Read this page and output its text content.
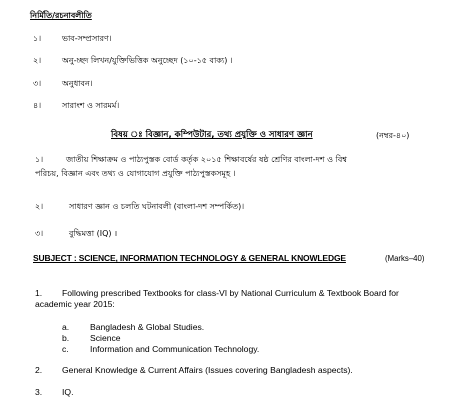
নির্মিতি/রচনাবলীতি
১।	ভাব-সম্প্রসারণ।
২।	অনু-চ্ছদ লিখন/যুক্তিভিত্তিক অনুচ্ছেদ (১০-১৫ বাক্য) ।
৩।	অনুধাবন।
৪।	সারাংশ ও সারমর্ম।
বিষয় ঃ বিজ্ঞান, কম্পিউটার, তথ্য প্রযুক্তি ও সাধারণ জ্ঞান	(নম্বর-৪০)
১।	জাতীয় শিক্ষাক্রম ও পাঠ্যপুস্তক বোর্ড কর্তৃক ২০১৫ শিক্ষাবর্ষের ষষ্ঠ শ্রেণির বাংলা-দশ ও বিশ্ব
পরিচয়, বিজ্ঞান এবং তথ্য ও যোগাযোগ প্রযুক্তি পাঠ্যপুস্তকসমূহ ।
২।	সাধারণ জ্ঞান ও চলতি ঘটনাবলী (বাংলা-দশ সম্পর্কিত)।
৩।	বুদ্ধিমত্তা (IQ) ।
SUBJECT : SCIENCE, INFORMATION TECHNOLOGY & GENERAL KNOWLEDGE	(Marks–40)
1. Following prescribed Textbooks for class-VI by National Curriculum & Textbook Board for
academic year 2015:
a. Bangladesh & Global Studies.
b. Science
c. Information and Communication Technology.
2. General Knowledge & Current Affairs (Issues covering Bangladesh aspects).
3. IQ.
